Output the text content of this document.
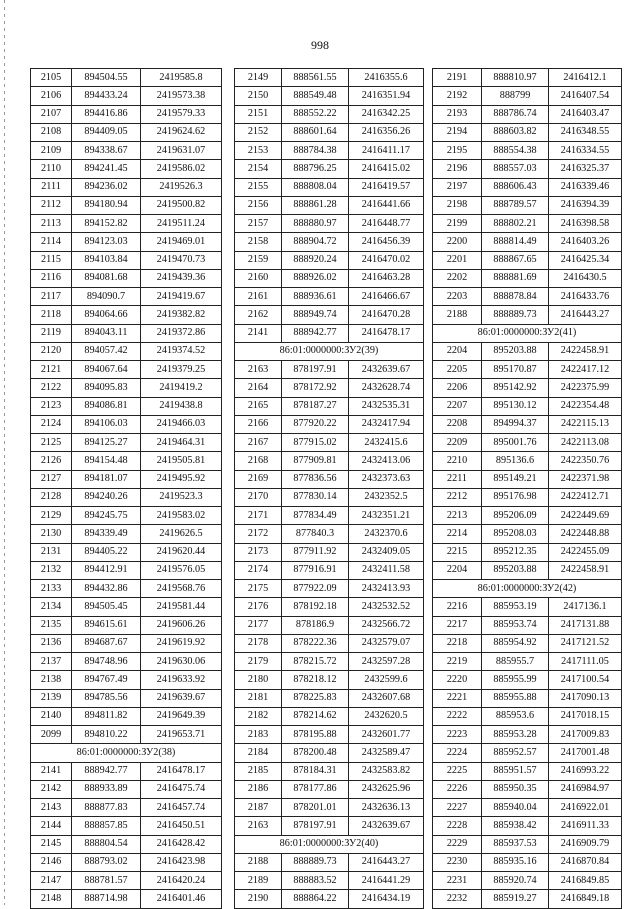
998
2105	894504.55	2419585.8
2106	894433.24	2419573.38
2107	894416.86	2419579.33
2108	894409.05	2419624.62
2109	894338.67	2419631.07
2110	894241.45	2419586.02
2111	894236.02	2419526.3
2112	894180.94	2419500.82
2113	894152.82	2419511.24
2114	894123.03	2419469.01
2115	894103.84	2419470.73
2116	894081.68	2419439.36
2117	894090.7	2419419.67
2118	894064.66	2419382.82
2119	894043.11	2419372.86
2120	894057.42	2419374.52
2121	894067.64	2419379.25
2122	894095.83	2419419.2
2123	894086.81	2419438.8
2124	894106.03	2419466.03
2125	894125.27	2419464.31
2126	894154.48	2419505.81
2127	894181.07	2419495.92
2128	894240.26	2419523.3
2129	894245.75	2419583.02
2130	894339.49	2419626.5
2131	894405.22	2419620.44
2132	894412.91	2419576.05
2133	894432.86	2419568.76
2134	894505.45	2419581.44
2135	894615.61	2419606.26
2136	894687.67	2419619.92
2137	894748.96	2419630.06
2138	894767.49	2419633.92
2139	894785.56	2419639.67
2140	894811.82	2419649.39
2099	894810.22	2419653.71
86:01:0000000:ЗУ2(38)		
2141	888942.77	2416478.17
2142	888933.89	2416475.74
2143	888877.83	2416457.74
2144	888857.85	2416450.51
2145	888804.54	2416428.42
2146	888793.02	2416423.98
2147	888781.57	2416420.24
2148	888714.98	2416401.46
2149	888561.55	2416355.6
2150	888549.48	2416351.94
2151	888552.22	2416342.25
2152	888601.64	2416356.26
2153	888784.38	2416411.17
2154	888796.25	2416415.02
2155	888808.04	2416419.57
2156	888861.28	2416441.66
2157	888880.97	2416448.77
2158	888904.72	2416456.39
2159	888920.24	2416470.02
2160	888926.02	2416463.28
2161	888936.61	2416466.67
2162	888949.74	2416470.28
2141	888942.77	2416478.17
86:01:0000000:ЗУ2(39)		
2163	878197.91	2432639.67
2164	878172.92	2432628.74
2165	878187.27	2432535.31
2166	877920.22	2432417.94
2167	877915.02	2432415.6
2168	877909.81	2432413.06
2169	877836.56	2432373.63
2170	877830.14	2432352.5
2171	877834.49	2432351.21
2172	877840.3	2432370.6
2173	877911.92	2432409.05
2174	877916.91	2432411.58
2175	877922.09	2432413.93
2176	878192.18	2432532.52
2177	878186.9	2432566.72
2178	878222.36	2432579.07
2179	878215.72	2432597.28
2180	878218.12	2432599.6
2181	878225.83	2432607.68
2182	878214.62	2432620.5
2183	878195.88	2432601.77
2184	878200.48	2432589.47
2185	878184.31	2432583.82
2186	878177.86	2432625.96
2187	878201.01	2432636.13
2163	878197.91	2432639.67
86:01:0000000:ЗУ2(40)		
2188	888889.73	2416443.27
2189	888883.52	2416441.29
2190	888864.22	2416434.19
2191	888810.97	2416412.1
2192	888799	2416407.54
2193	888786.74	2416403.47
2194	888603.82	2416348.55
2195	888554.38	2416334.55
2196	888557.03	2416325.37
2197	888606.43	2416339.46
2198	888789.57	2416394.39
2199	888802.21	2416398.58
2200	888814.49	2416403.26
2201	888867.65	2416425.34
2202	888881.69	2416430.5
2203	888878.84	2416433.76
2188	888889.73	2416443.27
86:01:0000000:ЗУ2(41)		
2204	895203.88	2422458.91
2205	895170.87	2422417.12
2206	895142.92	2422375.99
2207	895130.12	2422354.48
2208	894994.37	2422115.13
2209	895001.76	2422113.08
2210	895136.6	2422350.76
2211	895149.21	2422371.98
2212	895176.98	2422412.71
2213	895206.09	2422449.69
2214	895208.03	2422448.88
2215	895212.35	2422455.09
2204	895203.88	2422458.91
86:01:0000000:ЗУ2(42)		
2216	885953.19	2417136.1
2217	885953.74	2417131.88
2218	885954.92	2417121.52
2219	885955.7	2417111.05
2220	885955.99	2417100.54
2221	885955.88	2417090.13
2222	885953.6	2417018.15
2223	885953.28	2417009.83
2224	885952.57	2417001.48
2225	885951.57	2416993.22
2226	885950.35	2416984.97
2227	885940.04	2416922.01
2228	885938.42	2416911.33
2229	885937.53	2416909.79
2230	885935.16	2416870.84
2231	885920.74	2416849.85
2232	885919.27	2416849.18
